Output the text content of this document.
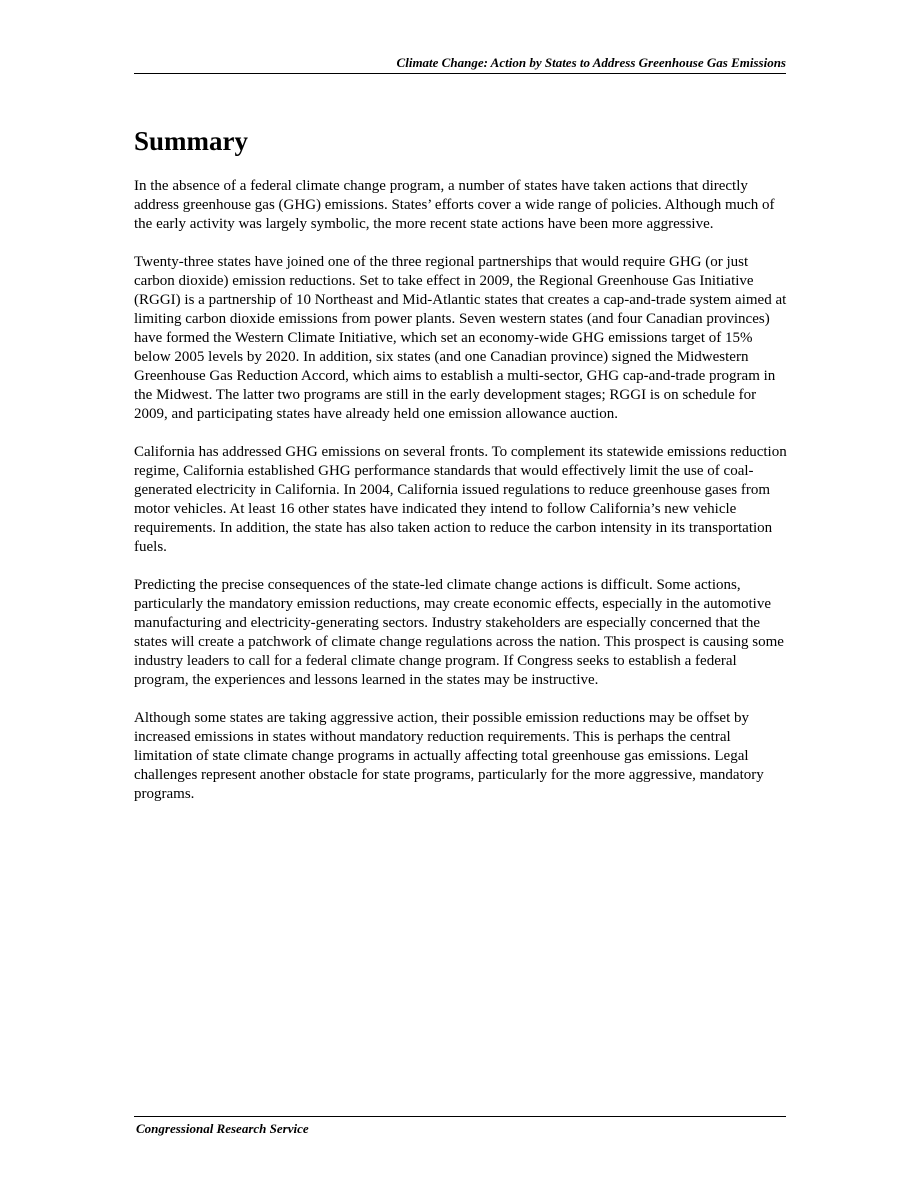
Climate Change: Action by States to Address Greenhouse Gas Emissions
Summary

In the absence of a federal climate change program, a number of states have taken actions that directly address greenhouse gas (GHG) emissions. States’ efforts cover a wide range of policies. Although much of the early activity was largely symbolic, the more recent state actions have been more aggressive.

Twenty-three states have joined one of the three regional partnerships that would require GHG (or just carbon dioxide) emission reductions. Set to take effect in 2009, the Regional Greenhouse Gas Initiative (RGGI) is a partnership of 10 Northeast and Mid-Atlantic states that creates a cap-and-trade system aimed at limiting carbon dioxide emissions from power plants. Seven western states (and four Canadian provinces) have formed the Western Climate Initiative, which set an economy-wide GHG emissions target of 15% below 2005 levels by 2020. In addition, six states (and one Canadian province) signed the Midwestern Greenhouse Gas Reduction Accord, which aims to establish a multi-sector, GHG cap-and-trade program in the Midwest. The latter two programs are still in the early development stages; RGGI is on schedule for 2009, and participating states have already held one emission allowance auction.

California has addressed GHG emissions on several fronts. To complement its statewide emissions reduction regime, California established GHG performance standards that would effectively limit the use of coal-generated electricity in California. In 2004, California issued regulations to reduce greenhouse gases from motor vehicles. At least 16 other states have indicated they intend to follow California’s new vehicle requirements. In addition, the state has also taken action to reduce the carbon intensity in its transportation fuels.

Predicting the precise consequences of the state-led climate change actions is difficult. Some actions, particularly the mandatory emission reductions, may create economic effects, especially in the automotive manufacturing and electricity-generating sectors. Industry stakeholders are especially concerned that the states will create a patchwork of climate change regulations across the nation. This prospect is causing some industry leaders to call for a federal climate change program. If Congress seeks to establish a federal program, the experiences and lessons learned in the states may be instructive.

Although some states are taking aggressive action, their possible emission reductions may be offset by increased emissions in states without mandatory reduction requirements. This is perhaps the central limitation of state climate change programs in actually affecting total greenhouse gas emissions. Legal challenges represent another obstacle for state programs, particularly for the more aggressive, mandatory programs.

Congressional Research Service
